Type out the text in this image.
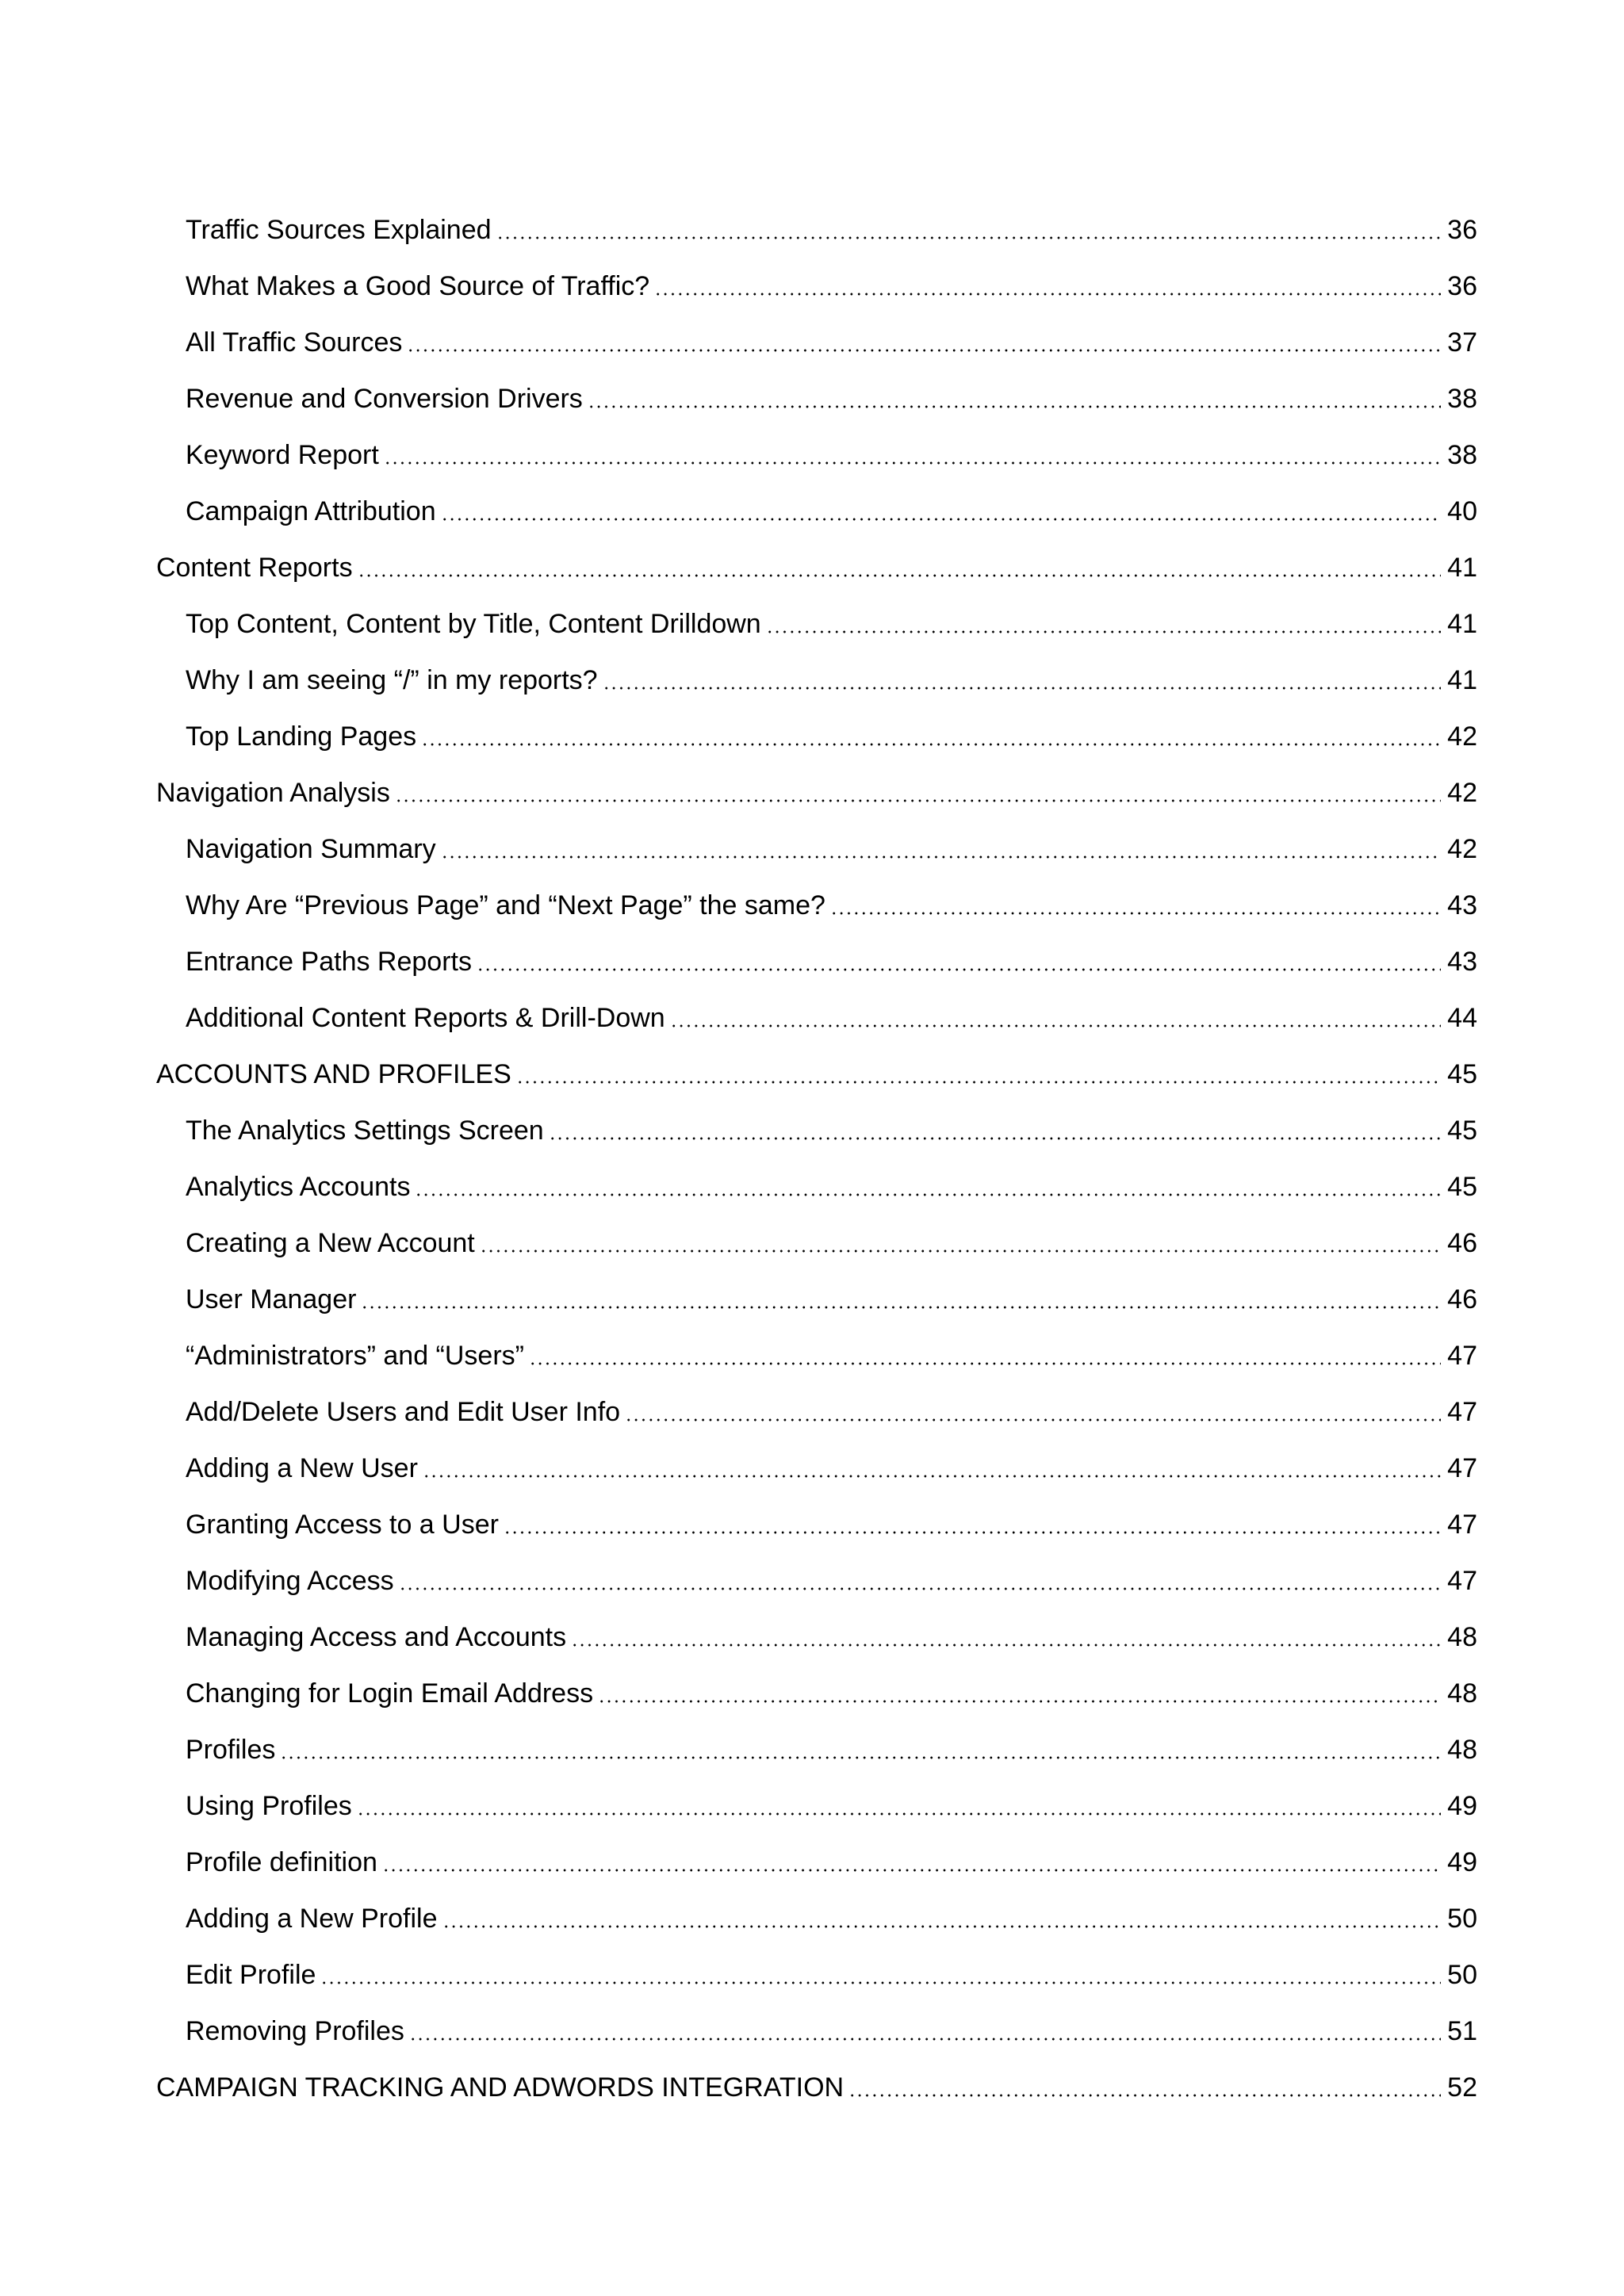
Traffic Sources Explained	36
What Makes a Good Source of Traffic?	36
All Traffic Sources	37
Revenue and Conversion Drivers	38
Keyword Report	38
Campaign Attribution	40
Content Reports	41
Top Content, Content by Title, Content Drilldown	41
Why I am seeing “/” in my reports?	41
Top Landing Pages	42
Navigation Analysis	42
Navigation Summary	42
Why Are “Previous Page” and “Next Page” the same?	43
Entrance Paths Reports	43
Additional Content Reports & Drill-Down	44
ACCOUNTS AND PROFILES	45
The Analytics Settings Screen	45
Analytics Accounts	45
Creating a New Account	46
User Manager	46
“Administrators” and “Users”	47
Add/Delete Users and Edit User Info	47
Adding a New User	47
Granting Access to a User	47
Modifying Access	47
Managing Access and Accounts	48
Changing for Login Email Address	48
Profiles	48
Using Profiles	49
Profile definition	49
Adding a New Profile	50
Edit Profile	50
Removing Profiles	51
CAMPAIGN TRACKING AND ADWORDS INTEGRATION	52
